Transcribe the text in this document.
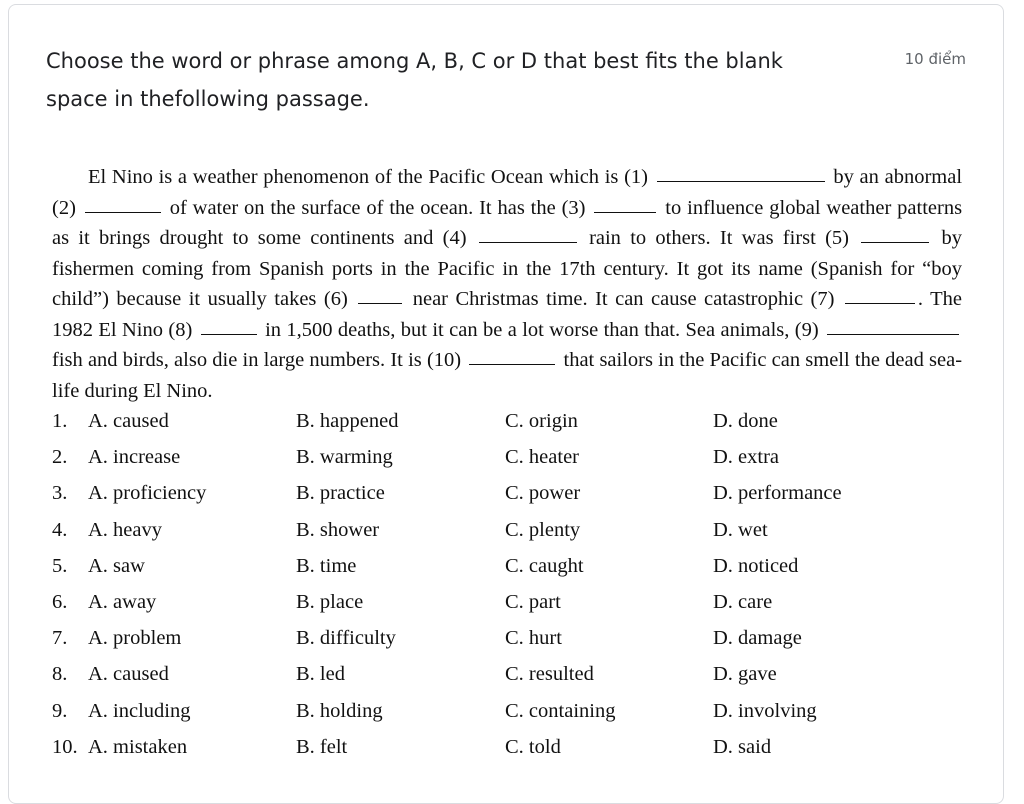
Choose the word or phrase among A, B, C or D that best fits the blank space in thefollowing passage.
10 điểm

El Nino is a weather phenomenon of the Pacific Ocean which is (1)	by an abnormal (2)	of water on the surface of the ocean. It has the (3)	to influence global weather patterns as it brings drought to some continents and (4)	rain to others. It was first (5)	by fishermen coming from Spanish ports in the Pacific in the 17th century. It got its name (Spanish for “boy child”) because it usually takes (6)	near Christmas time. It can cause catastrophic (7)	. The 1982 El Nino (8)	in 1,500 deaths, but it can be a lot worse than that. Sea animals, (9)  fish and birds, also die in large numbers. It is (10)	that sailors in the Pacific can smell the dead sea-life during El Nino.

1. A. caused	B. happened	C. origin	D. done
2. A. increase	B. warming	C. heater	D. extra
3. A. proficiency	B. practice	C. power	D. performance
4. A. heavy	B. shower	C. plenty	D. wet
5. A. saw	B. time	C. caught	D. noticed
6. A. away	B. place	C. part	D. care
7. A. problem	B. difficulty	C. hurt	D. damage
8. A. caused	B. led	C. resulted	D. gave
9. A. including	B. holding	C. containing	D. involving
10. A. mistaken	B. felt	C. told	D. said
